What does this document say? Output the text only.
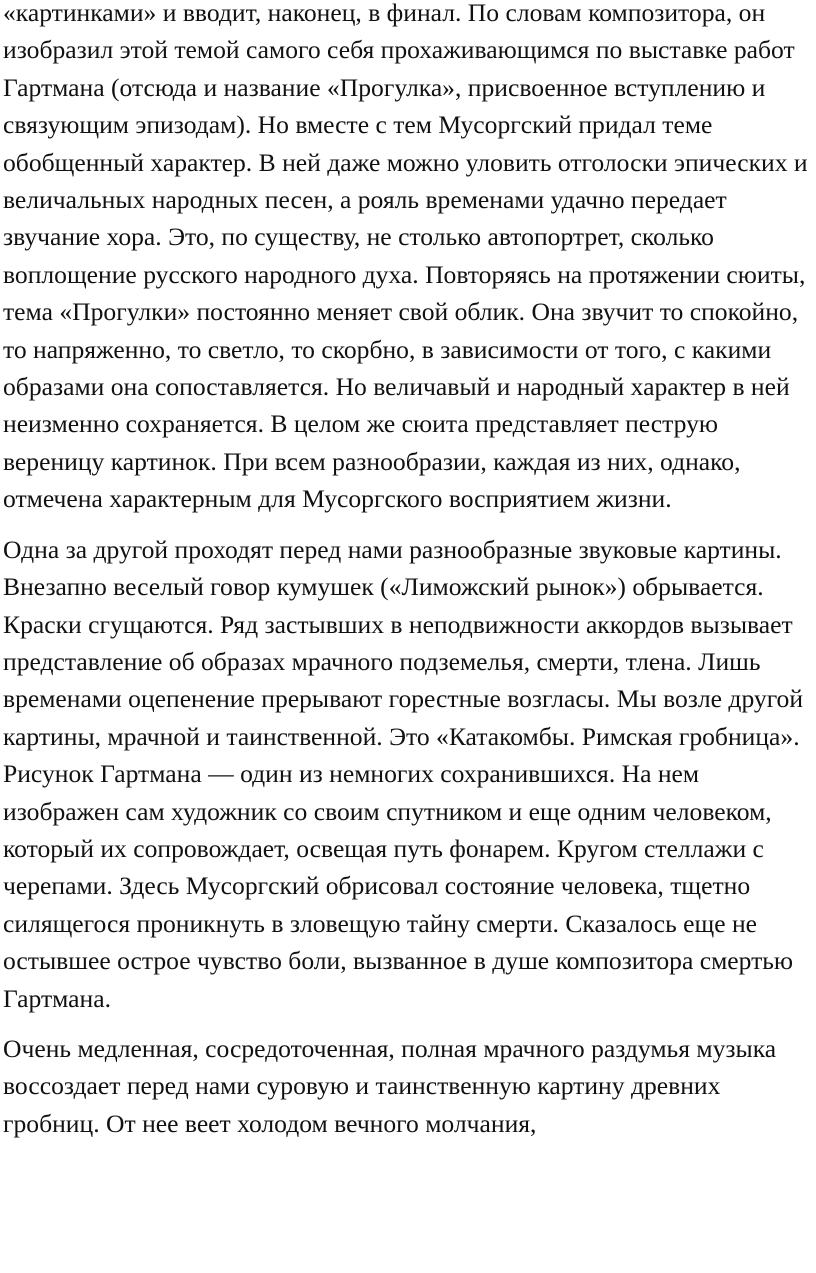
«картинками» и вводит, наконец, в финал. По словам композитора, он изобразил этой темой самого себя прохаживающимся по выставке работ Гартмана (отсюда и название «Прогулка», присвоенное вступлению и связующим эпизодам). Но вместе с тем Мусоргский придал теме обобщенный характер. В ней даже можно уловить отголоски эпических и величальных народных песен, а рояль временами удачно передает звучание хора. Это, по существу, не столько автопортрет, сколько воплощение русского народного духа. Повторяясь на протяжении сюиты, тема «Прогулки» постоянно меняет свой облик. Она звучит то спокойно, то напряженно, то светло, то скорбно, в зависимости от того, с какими образами она сопоставляется. Но величавый и народный характер в ней неизменно сохраняется. В целом же сюита представляет пеструю вереницу картинок. При всем разнообразии, каждая из них, однако, отмечена характерным для Мусоргского восприятием жизни.

Одна за другой проходят перед нами разнообразные звуковые картины. Внезапно веселый говор кумушек («Лиможский рынок») обрывается. Краски сгущаются. Ряд застывших в неподвижности аккордов вызывает представление об образах мрачного подземелья, смерти, тлена. Лишь временами оцепенение прерывают горестные возгласы. Мы возле другой картины, мрачной и таинственной. Это «Катакомбы. Римская гробница». Рисунок Гартмана — один из немногих сохранившихся. На нем изображен сам художник со своим спутником и еще одним человеком, который их сопровождает, освещая путь фонарем. Кругом стеллажи с черепами. Здесь Мусоргский обрисовал состояние человека, тщетно силящегося проникнуть в зловещую тайну смерти. Сказалось еще не остывшее острое чувство боли, вызванное в душе композитора смертью Гартмана.

Очень медленная, сосредоточенная, полная мрачного раздумья музыка воссоздает перед нами суровую и таинственную картину древних гробниц. От нее веет холодом вечного молчания,
